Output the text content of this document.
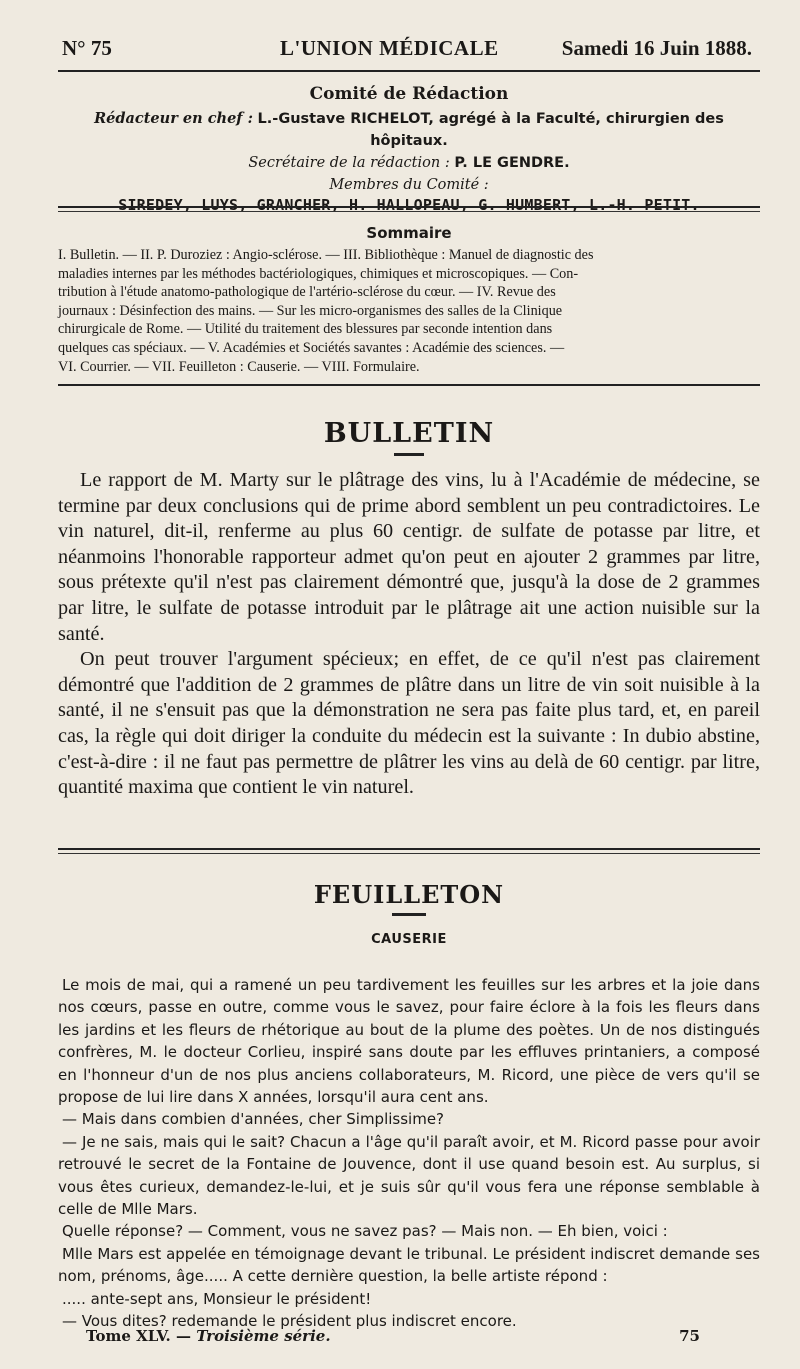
N° 75	L'UNION MÉDICALE	Samedi 16 Juin 1888.
Comité de Rédaction
Rédacteur en chef : L.-Gustave RICHELOT, agrégé à la Faculté, chirurgien des hôpitaux.
Secrétaire de la rédaction : P. LE GENDRE.
Membres du Comité :
SIREDEY, LUYS, GRANCHER, H. HALLOPEAU, G. HUMBERT, L.-H. PETIT.
Sommaire
I. Bulletin. — II. P. Duroziez : Angio-sclérose. — III. Bibliothèque : Manuel de diagnostic des
maladies internes par les méthodes bactériologiques, chimiques et microscopiques. — Con-
tribution à l'étude anatomo-pathologique de l'artério-sclérose du cœur. — IV. Revue des
journaux : Désinfection des mains. — Sur les micro-organismes des salles de la Clinique
chirurgicale de Rome. — Utilité du traitement des blessures par seconde intention dans
quelques cas spéciaux. — V. Académies et Sociétés savantes : Académie des sciences. —
VI. Courrier. — VII. Feuilleton : Causerie. — VIII. Formulaire.
BULLETIN

Le rapport de M. Marty sur le plâtrage des vins, lu à l'Académie de médecine, se termine par deux conclusions qui de prime abord semblent un peu contradictoires. Le vin naturel, dit-il, renferme au plus 60 centigr. de sulfate de potasse par litre, et néanmoins l'honorable rapporteur admet qu'on peut en ajouter 2 grammes par litre, sous prétexte qu'il n'est pas clairement démontré que, jusqu'à la dose de 2 grammes par litre, le sulfate de potasse introduit par le plâtrage ait une action nuisible sur la santé.

On peut trouver l'argument spécieux; en effet, de ce qu'il n'est pas clairement démontré que l'addition de 2 grammes de plâtre dans un litre de vin soit nuisible à la santé, il ne s'ensuit pas que la démonstration ne sera pas faite plus tard, et, en pareil cas, la règle qui doit diriger la conduite du médecin est la suivante : In dubio abstine, c'est-à-dire : il ne faut pas permettre de plâtrer les vins au delà de 60 centigr. par litre, quantité maxima que contient le vin naturel.

FEUILLETON
CAUSERIE

Le mois de mai, qui a ramené un peu tardivement les feuilles sur les arbres et la joie dans nos cœurs, passe en outre, comme vous le savez, pour faire éclore à la fois les fleurs dans les jardins et les fleurs de rhétorique au bout de la plume des poètes. Un de nos distingués confrères, M. le docteur Corlieu, inspiré sans doute par les effluves printaniers, a composé en l'honneur d'un de nos plus anciens collaborateurs, M. Ricord, une pièce de vers qu'il se propose de lui lire dans X années, lorsqu'il aura cent ans.

— Mais dans combien d'années, cher Simplissime?

— Je ne sais, mais qui le sait? Chacun a l'âge qu'il paraît avoir, et M. Ricord passe pour avoir retrouvé le secret de la Fontaine de Jouvence, dont il use quand besoin est. Au surplus, si vous êtes curieux, demandez-le-lui, et je suis sûr qu'il vous fera une réponse semblable à celle de Mlle Mars.

Quelle réponse? — Comment, vous ne savez pas? — Mais non. — Eh bien, voici :

Mlle Mars est appelée en témoignage devant le tribunal. Le président indiscret demande ses nom, prénoms, âge..... A cette dernière question, la belle artiste répond :

..... ante-sept ans, Monsieur le président!

— Vous dites? redemande le président plus indiscret encore.

Tome XLV. — Troisième série.	75
